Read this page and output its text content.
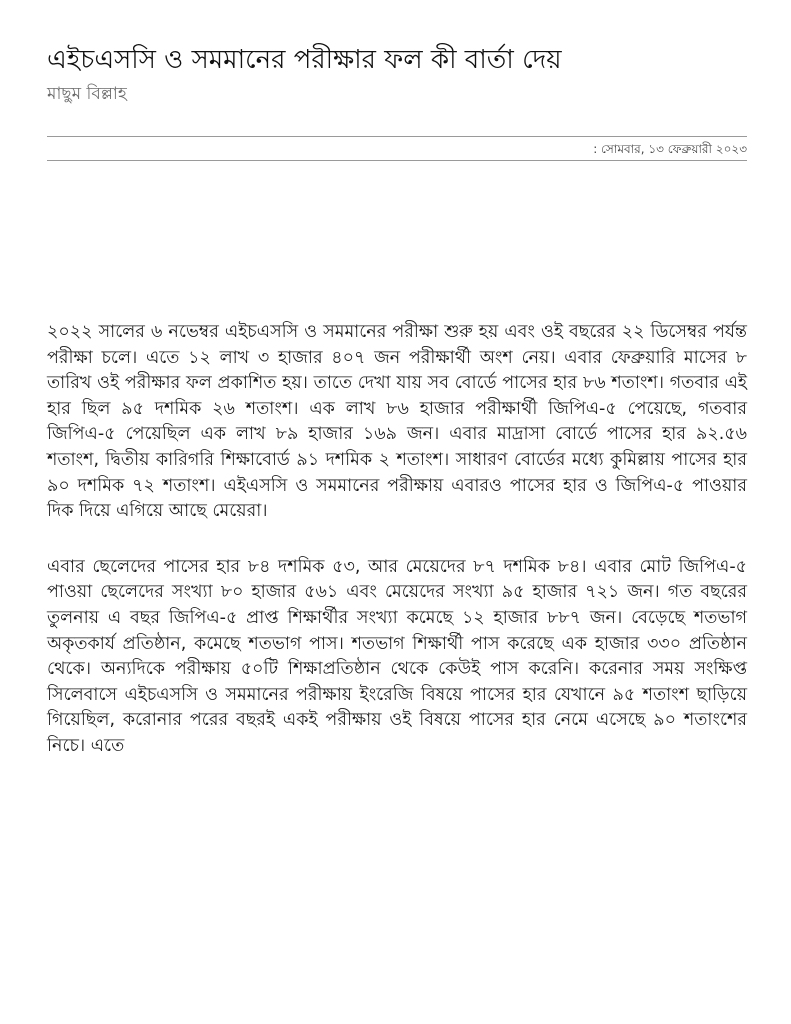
এইচএসসি ও সমমানের পরীক্ষার ফল কী বার্তা দেয়
মাছুম বিল্লাহ
: সোমবার, ১৩ ফেব্রুয়ারী ২০২৩

২০২২ সালের ৬ নভেম্বর এইচএসসি ও সমমানের পরীক্ষা শুরু হয় এবং ওই বছরের ২২ ডিসেম্বর পর্যন্ত পরীক্ষা চলে। এতে ১২ লাখ ৩ হাজার ৪০৭ জন পরীক্ষার্থী অংশ নেয়। এবার ফেব্রুয়ারি মাসের ৮ তারিখ ওই পরীক্ষার ফল প্রকাশিত হয়। তাতে দেখা যায় সব বোর্ডে পাসের হার ৮৬ শতাংশ। গতবার এই হার ছিল ৯৫ দশমিক ২৬ শতাংশ। এক লাখ ৮৬ হাজার পরীক্ষার্থী জিপিএ-৫ পেয়েছে, গতবার জিপিএ-৫ পেয়েছিল এক লাখ ৮৯ হাজার ১৬৯ জন। এবার মাদ্রাসা বোর্ডে পাসের হার ৯২.৫৬ শতাংশ, দ্বিতীয় কারিগরি শিক্ষাবোর্ড ৯১ দশমিক ২ শতাংশ। সাধারণ বোর্ডের মধ্যে কুমিল্লায় পাসের হার ৯০ দশমিক ৭২ শতাংশ। এইএসসি ও সমমানের পরীক্ষায় এবারও পাসের হার ও জিপিএ-৫ পাওয়ার দিক দিয়ে এগিয়ে আছে মেয়েরা।

এবার ছেলেদের পাসের হার ৮৪ দশমিক ৫৩, আর মেয়েদের ৮৭ দশমিক ৮৪। এবার মোট জিপিএ-৫ পাওয়া ছেলেদের সংখ্যা ৮০ হাজার ৫৬১ এবং মেয়েদের সংখ্যা ৯৫ হাজার ৭২১ জন। গত বছরের তুলনায় এ বছর জিপিএ-৫ প্রাপ্ত শিক্ষার্থীর সংখ্যা কমেছে ১২ হাজার ৮৮৭ জন। বেড়েছে শতভাগ অকৃতকার্য প্রতিষ্ঠান, কমেছে শতভাগ পাস। শতভাগ শিক্ষার্থী পাস করেছে এক হাজার ৩৩০ প্রতিষ্ঠান থেকে। অন্যদিকে পরীক্ষায় ৫০টি শিক্ষাপ্রতিষ্ঠান থেকে কেউই পাস করেনি। করেনার সময় সংক্ষিপ্ত সিলেবাসে এইচএসসি ও সমমানের পরীক্ষায় ইংরেজি বিষয়ে পাসের হার যেখানে ৯৫ শতাংশ ছাড়িয়ে গিয়েছিল, করোনার পরের বছরই একই পরীক্ষায় ওই বিষয়ে পাসের হার নেমে এসেছে ৯০ শতাংশের নিচে। এতে
